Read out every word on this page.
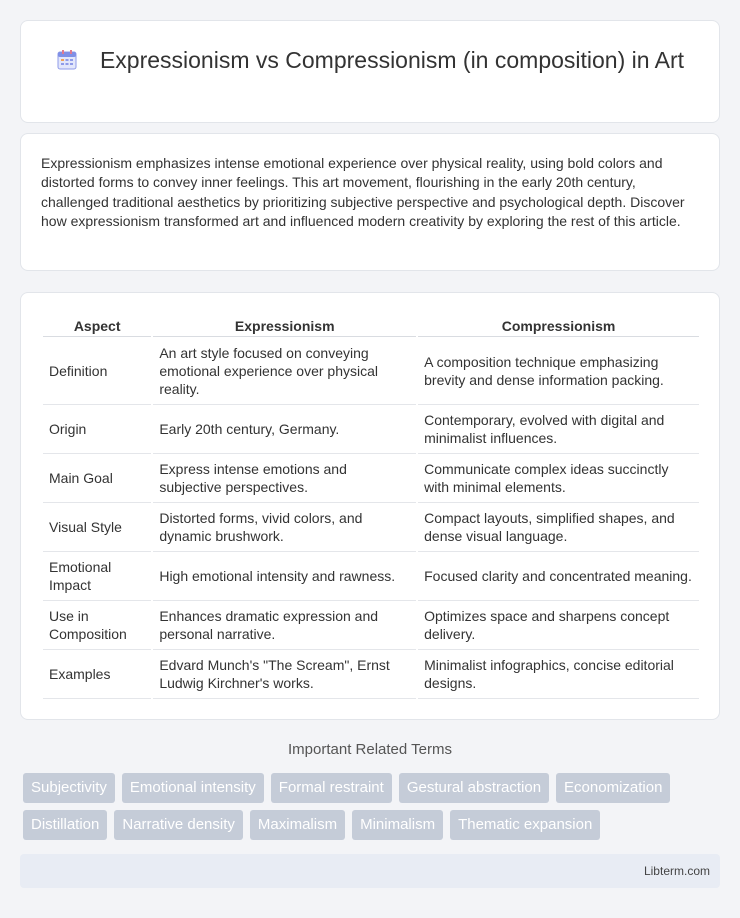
Expressionism vs Compressionism (in composition) in Art

Expressionism emphasizes intense emotional experience over physical reality, using bold colors and distorted forms to convey inner feelings. This art movement, flourishing in the early 20th century, challenged traditional aesthetics by prioritizing subjective perspective and psychological depth. Discover how expressionism transformed art and influenced modern creativity by exploring the rest of this article.

Aspect	Expressionism	Compressionism
Definition	An art style focused on conveying emotional experience over physical reality.	A composition technique emphasizing brevity and dense information packing.
Origin	Early 20th century, Germany.	Contemporary, evolved with digital and minimalist influences.
Main Goal	Express intense emotions and subjective perspectives.	Communicate complex ideas succinctly with minimal elements.
Visual Style	Distorted forms, vivid colors, and dynamic brushwork.	Compact layouts, simplified shapes, and dense visual language.
Emotional Impact	High emotional intensity and rawness.	Focused clarity and concentrated meaning.
Use in Composition	Enhances dramatic expression and personal narrative.	Optimizes space and sharpens concept delivery.
Examples	Edvard Munch's "The Scream", Ernst Ludwig Kirchner's works.	Minimalist infographics, concise editorial designs.
Important Related Terms
Subjectivity	Emotional intensity	Formal restraint	Gestural abstraction	Economization
Distillation	Narrative density	Maximalism	Minimalism	Thematic expansion
Libterm.com
